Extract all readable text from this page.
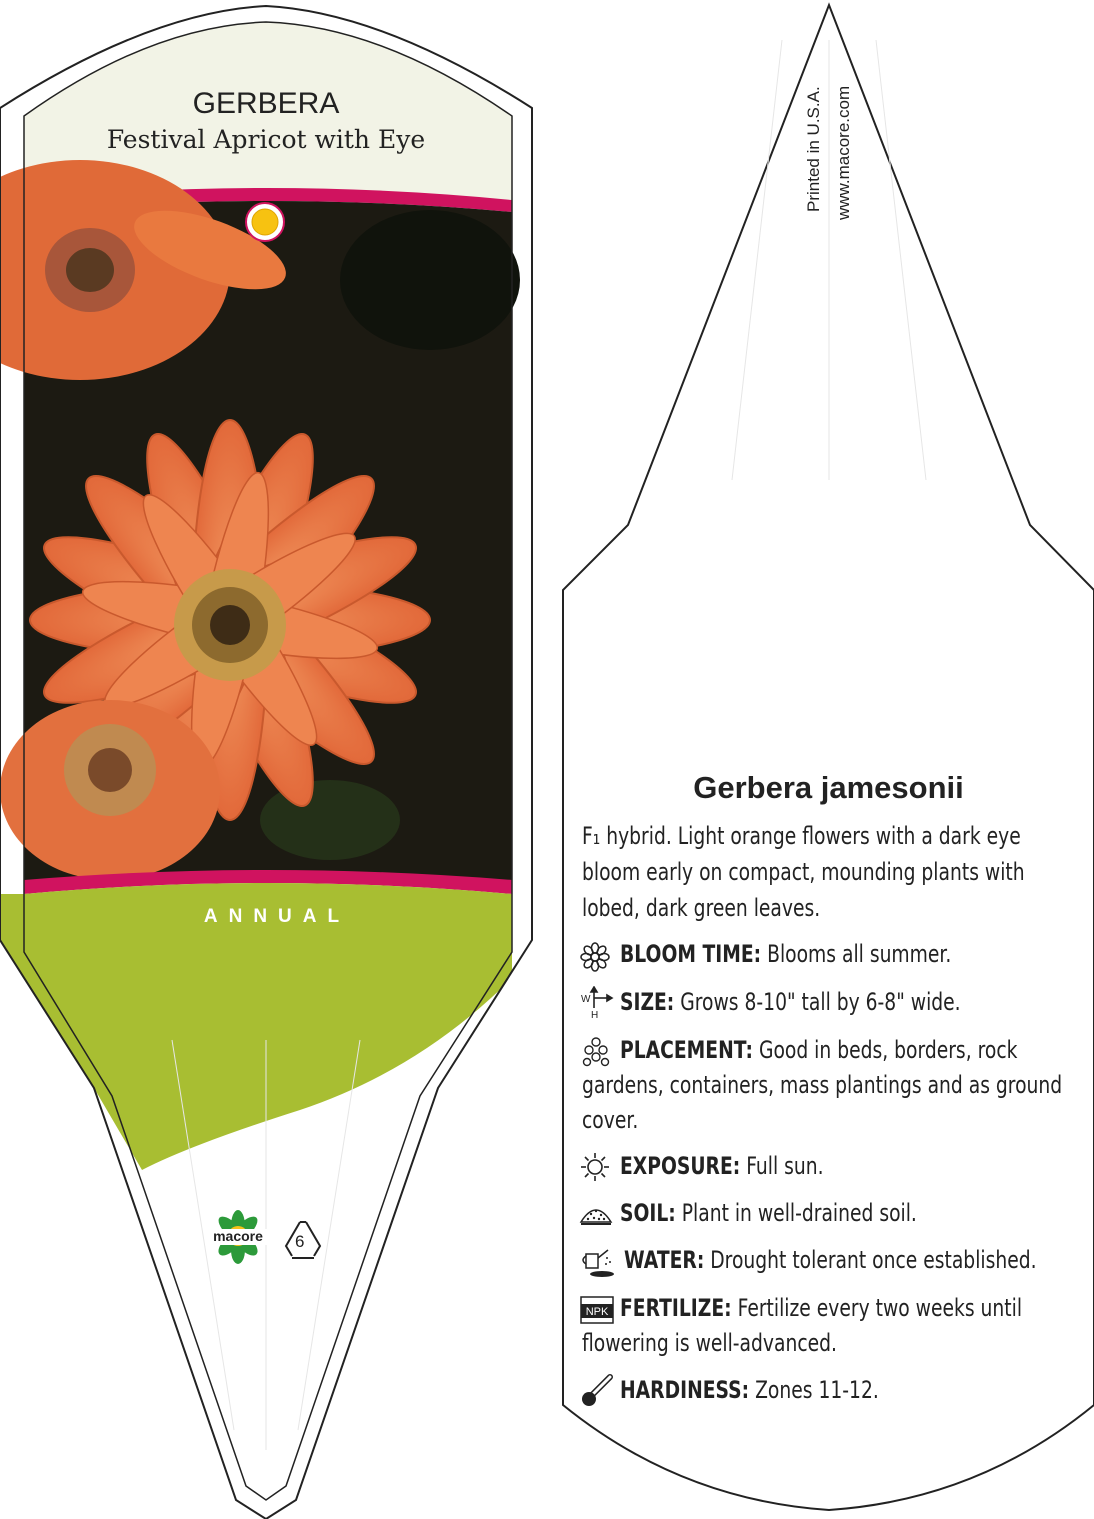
GERBERA

Festival Apricot with Eye

ANNUAL

macore	6

Printed in U.S.A. www.macore.com

Gerbera jamesonii

F₁ hybrid. Light orange flowers with a dark eye

bloom early on compact, mounding plants with

lobed, dark green leaves.

BLOOM TIME: Blooms all summer.

W
H SIZE: Grows 8-10" tall by 6-8" wide.

PLACEMENT: Good in beds, borders, rock

gardens, containers, mass plantings and as ground

cover.

EXPOSURE: Full sun.

SOIL: Plant in well-drained soil.

WATER: Drought tolerant once established.

NPK FERTILIZE: Fertilize every two weeks until

flowering is well-advanced.

HARDINESS: Zones 11-12.
